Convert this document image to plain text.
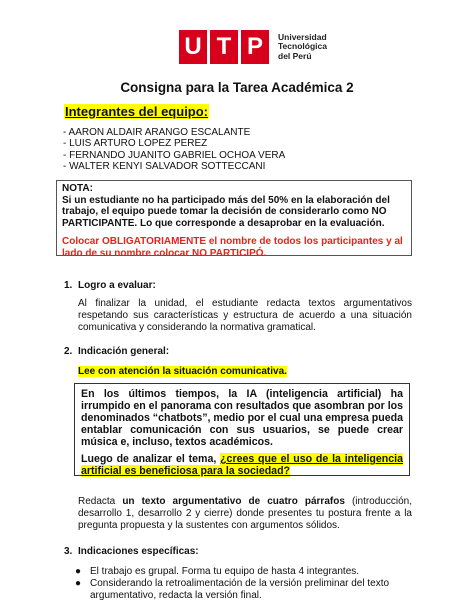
U T P	Universidad
Tecnológica
del Perú
Consigna para la Tarea Académica 2
Integrantes del equipo:
- AARON ALDAIR ARANGO ESCALANTE
- LUIS ARTURO LOPEZ PEREZ
- FERNANDO JUANITO GABRIEL OCHOA VERA
- WALTER KENYI SALVADOR SOTTECCANI

NOTA:

Si un estudiante no ha participado más del 50% en la elaboración del trabajo, el equipo puede tomar la decisión de considerarlo como NO PARTICIPANTE. Lo que corresponde a desaprobar en la evaluación.

Colocar OBLIGATORIAMENTE el nombre de todos los participantes y al lado de su nombre colocar NO PARTICIPÓ.

1. Logro a evaluar:

Al finalizar la unidad, el estudiante redacta textos argumentativos respetando sus características y estructura de acuerdo a una situación comunicativa y considerando la normativa gramatical.

2. Indicación general:
Lee con atención la situación comunicativa.

En los últimos tiempos, la IA (inteligencia artificial) ha irrumpido en el panorama con resultados que asombran por los denominados “chatbots”, medio por el cual una empresa pueda entablar comunicación con sus usuarios, se puede crear música e, incluso, textos académicos.

Luego de analizar el tema, ¿crees que el uso de la inteligencia artificial es beneficiosa para la sociedad?

Redacta un texto argumentativo de cuatro párrafos (introducción, desarrollo 1, desarrollo 2 y cierre) donde presentes tu postura frente a la pregunta propuesta y la sustentes con argumentos sólidos.

3. Indicaciones específicas:
● El trabajo es grupal. Forma tu equipo de hasta 4 integrantes.
● Considerando la retroalimentación de la versión preliminar del texto argumentativo, redacta la versión final.
